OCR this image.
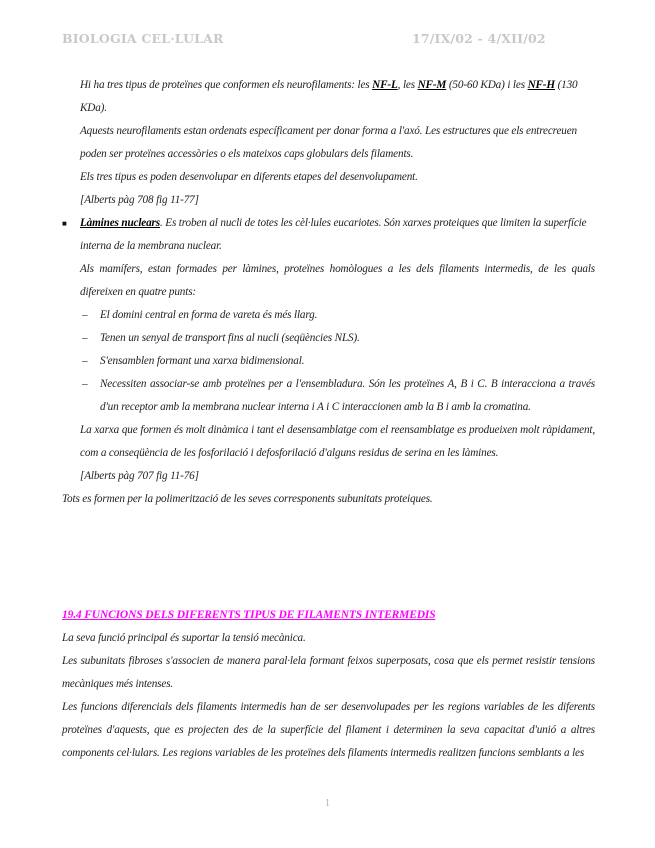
BIOLOGIA CEL·LULAR	17/IX/02 - 4/XII/02

Hi ha tres tipus de proteïnes que conformen els neurofilaments: les NF-L, les NF-M (50-60 KDa) i les NF-H (130 KDa).

Aquests neurofilaments estan ordenats específicament per donar forma a l'axó. Les estructures que els entrecreuen poden ser proteïnes accessòries o els mateixos caps globulars dels filaments.

Els tres tipus es poden desenvolupar en diferents etapes del desenvolupament.

[Alberts pàg 708 fig 11-77]

■ Làmines nuclears. Es troben al nucli de totes les cèl·lules eucariotes. Són xarxes proteiques que limiten la superfície interna de la membrana nuclear.

Als mamífers, estan formades per làmines, proteïnes homòlogues a les dels filaments intermedis, de les quals difereixen en quatre punts:

– El domini central en forma de vareta és més llarg.

– Tenen un senyal de transport fins al nucli (seqüències NLS).

– S'ensamblen formant una xarxa bidimensional.

– Necessiten associar-se amb proteïnes per a l'ensembladura. Són les proteïnes A, B i C. B interacciona a través d'un receptor amb la membrana nuclear interna i A i C interaccionen amb la B i amb la cromatina.

La xarxa que formen és molt dinàmica i tant el desensamblatge com el reensamblatge es produeixen molt ràpidament, com a conseqüència de les fosforilació i defosforilació d'alguns residus de serina en les làmines.

[Alberts pàg 707 fig 11-76]

Tots es formen per la polimerització de les seves corresponents subunitats proteiques.

19.4 FUNCIONS DELS DIFERENTS TIPUS DE FILAMENTS INTERMEDIS

La seva funció principal és suportar la tensió mecànica.

Les subunitats fibroses s'associen de manera paral·lela formant feixos superposats, cosa que els permet resistir tensions mecàniques més intenses.

Les funcions diferencials dels filaments intermedis han de ser desenvolupades per les regions variables de les diferents proteïnes d'aquests, que es projecten des de la superfície del filament i determinen la seva capacitat d'unió a altres components cel·lulars. Les regions variables de les proteïnes dels filaments intermedis realitzen funcions semblants a les

1
